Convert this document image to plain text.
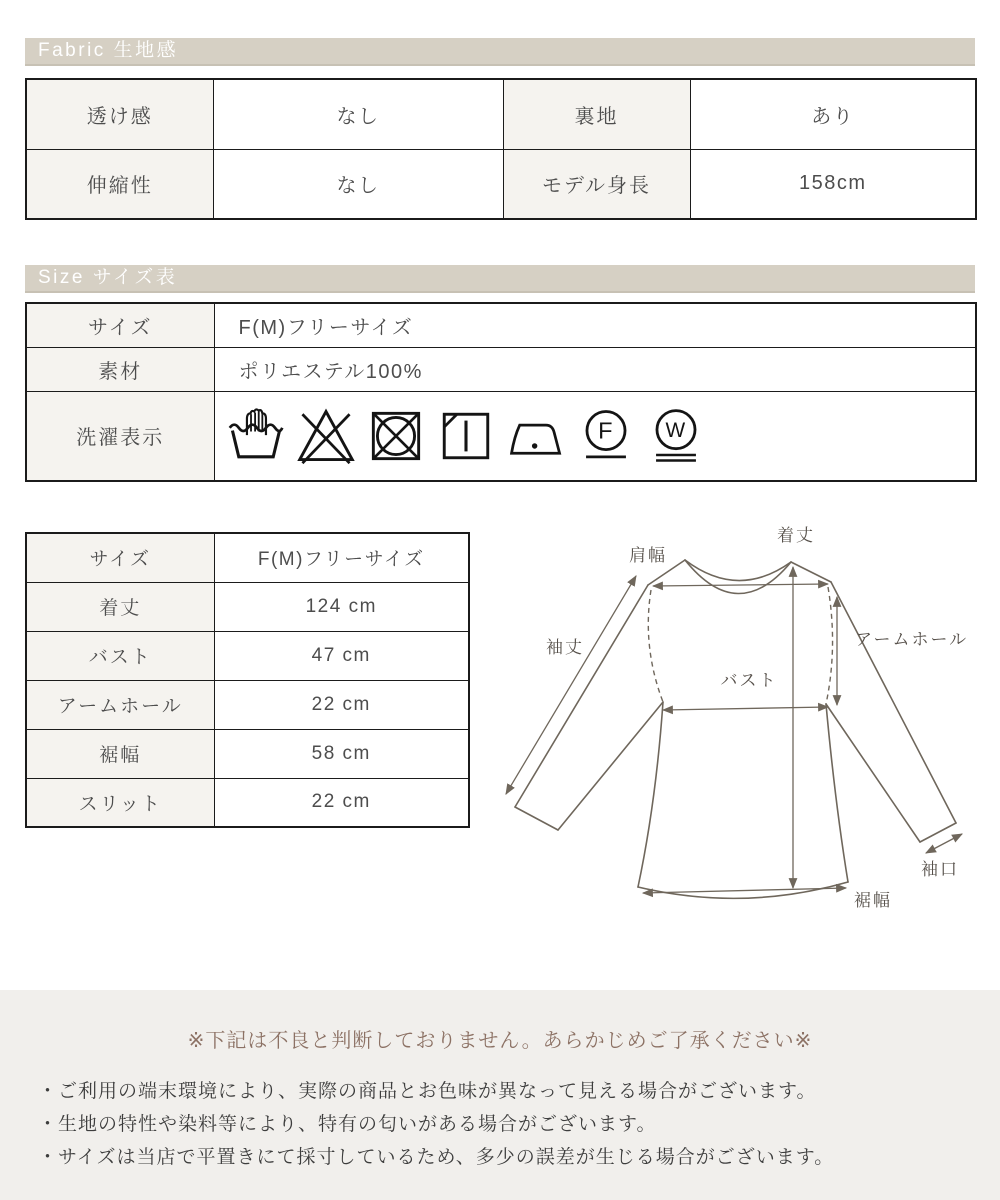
Fabric 生地感
透け感	なし	裏地	あり
伸縮性	なし	モデル身長	158cm
Size サイズ表
サイズ	F(M)フリーサイズ
素材	ポリエステル100%
洗濯表示	F W
サイズ	F(M)フリーサイズ
着丈	124 cm
バスト	47 cm
アームホール	22 cm
裾幅	58 cm
スリット	22 cm
着丈
肩幅
袖丈	アームホール
バスト
袖口
裾幅

※下記は不良と判断しておりません。あらかじめご了承ください※

・ご利用の端末環境により、実際の商品とお色味が異なって見える場合がございます。
・生地の特性や染料等により、特有の匂いがある場合がございます。
・サイズは当店で平置きにて採寸しているため、多少の誤差が生じる場合がございます。
